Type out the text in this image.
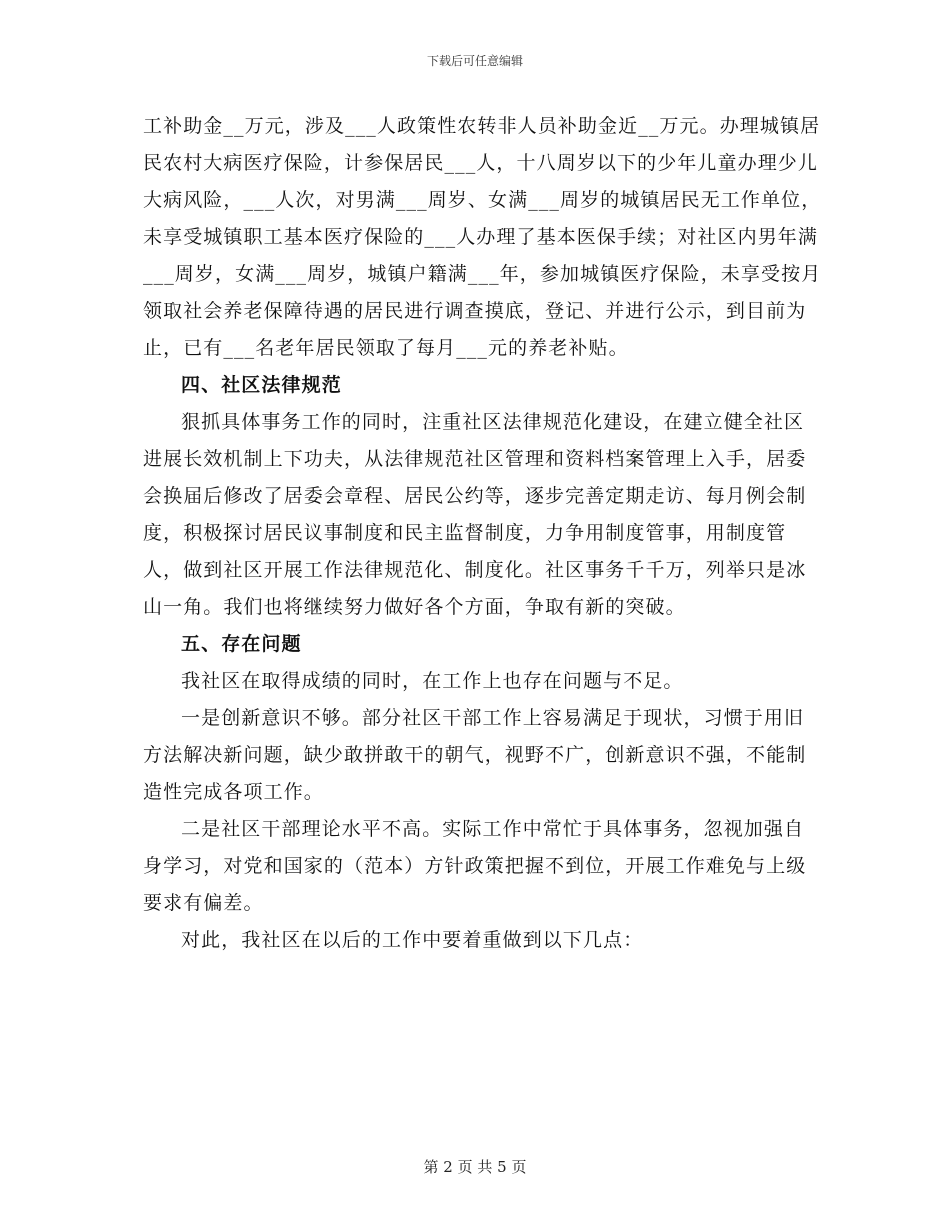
下载后可任意编辑

工补助金__万元，涉及___人政策性农转非人员补助金近__万元。办理城镇居民农村大病医疗保险，计参保居民___人，十八周岁以下的少年儿童办理少儿大病风险，___人次，对男满___周岁、女满___周岁的城镇居民无工作单位，未享受城镇职工基本医疗保险的___人办理了基本医保手续；对社区内男年满___周岁，女满___周岁，城镇户籍满___年，参加城镇医疗保险，未享受按月领取社会养老保障待遇的居民进行调查摸底，登记、并进行公示，到目前为止，已有___名老年居民领取了每月___元的养老补贴。

四、社区法律规范

狠抓具体事务工作的同时，注重社区法律规范化建设，在建立健全社区进展长效机制上下功夫，从法律规范社区管理和资料档案管理上入手，居委会换届后修改了居委会章程、居民公约等，逐步完善定期走访、每月例会制度，积极探讨居民议事制度和民主监督制度，力争用制度管事，用制度管人，做到社区开展工作法律规范化、制度化。社区事务千千万，列举只是冰山一角。我们也将继续努力做好各个方面，争取有新的突破。

五、存在问题

我社区在取得成绩的同时，在工作上也存在问题与不足。

一是创新意识不够。部分社区干部工作上容易满足于现状，习惯于用旧方法解决新问题，缺少敢拼敢干的朝气，视野不广，创新意识不强，不能制造性完成各项工作。

二是社区干部理论水平不高。实际工作中常忙于具体事务，忽视加强自身学习，对党和国家的（范本）方针政策把握不到位，开展工作难免与上级要求有偏差。

对此，我社区在以后的工作中要着重做到以下几点：

第 2 页 共 5 页
